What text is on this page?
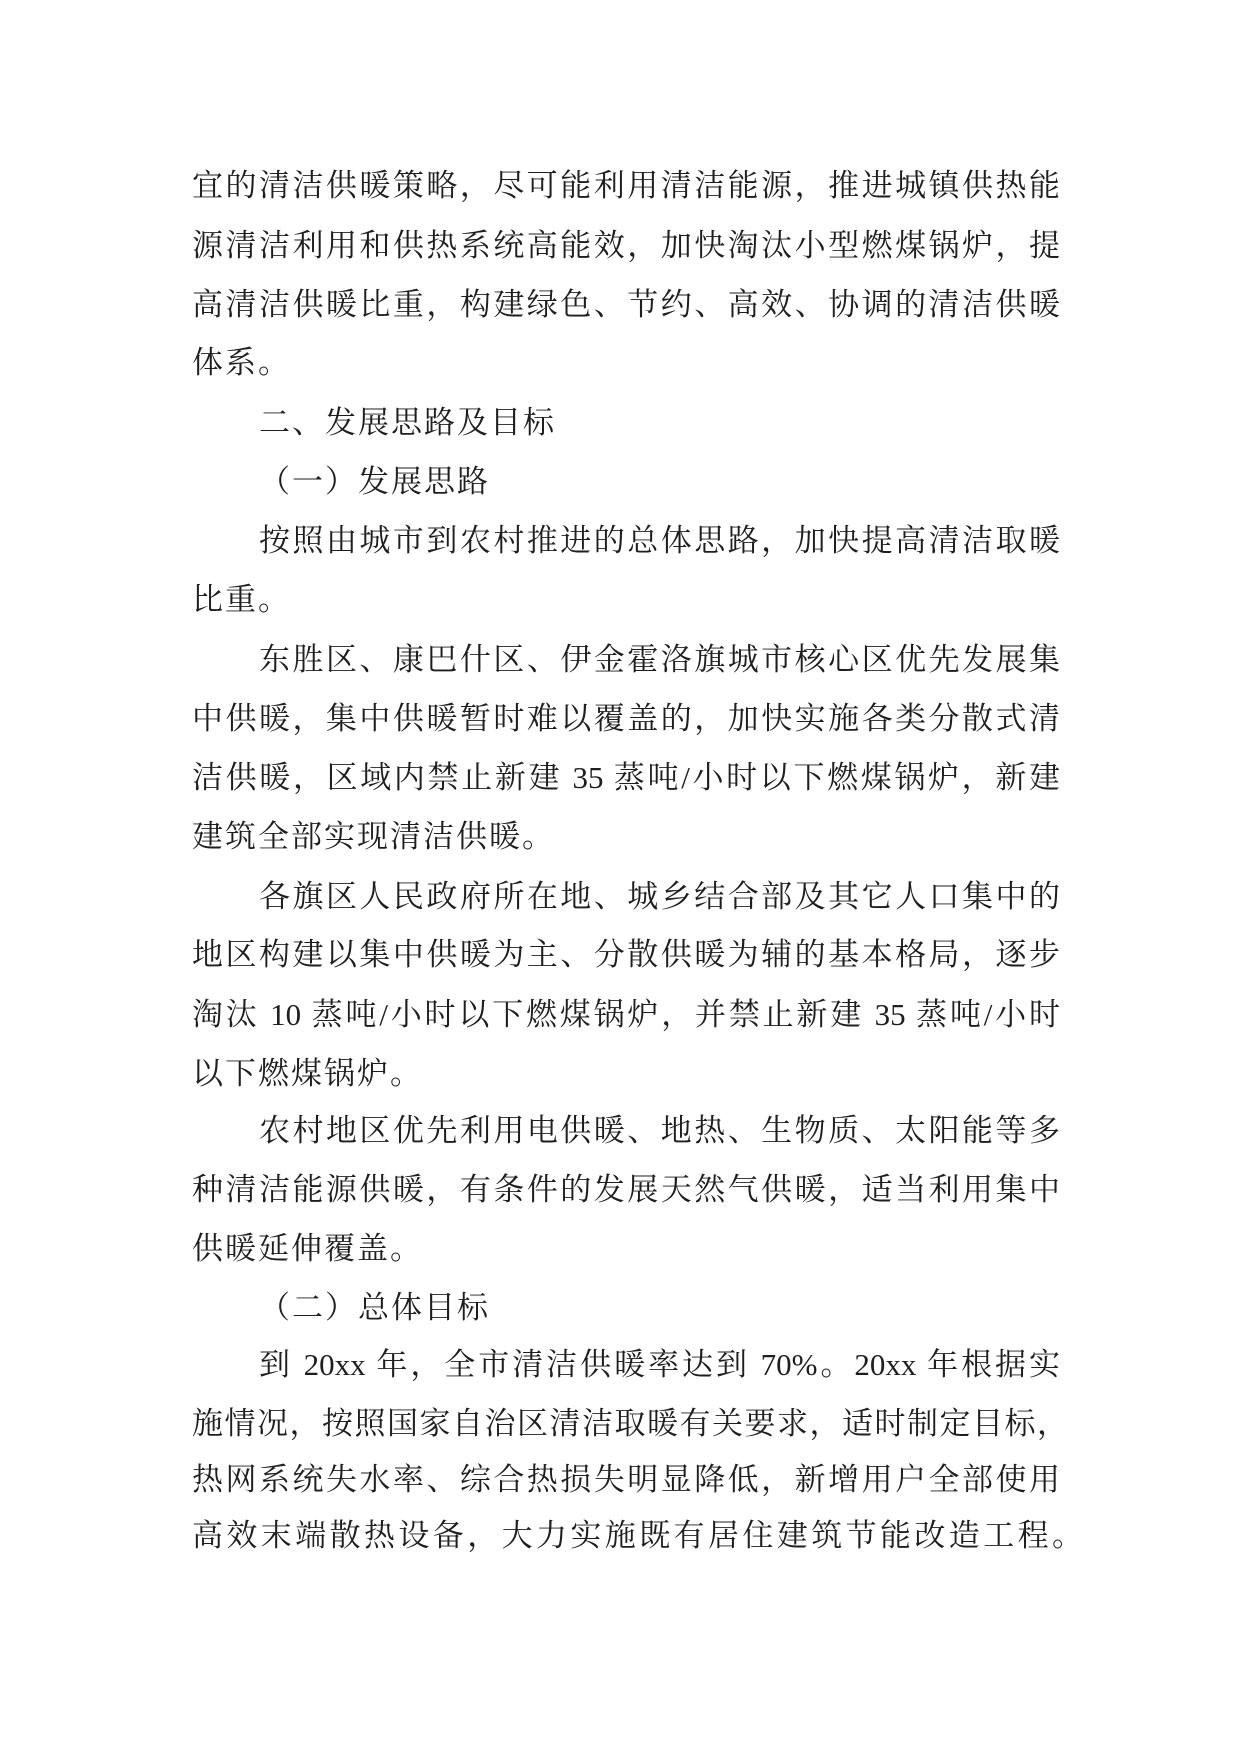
宜的清洁供暖策略，尽可能利用清洁能源，推进城镇供热能
源清洁利用和供热系统高能效，加快淘汰小型燃煤锅炉，提
高清洁供暖比重，构建绿色、节约、高效、协调的清洁供暖
体系。
二、发展思路及目标
（一）发展思路
按照由城市到农村推进的总体思路，加快提高清洁取暖
比重。
东胜区、康巴什区、伊金霍洛旗城市核心区优先发展集
中供暖，集中供暖暂时难以覆盖的，加快实施各类分散式清
洁供暖，区域内禁止新建 35 蒸吨/小时以下燃煤锅炉，新建
建筑全部实现清洁供暖。
各旗区人民政府所在地、城乡结合部及其它人口集中的
地区构建以集中供暖为主、分散供暖为辅的基本格局，逐步
淘汰 10 蒸吨/小时以下燃煤锅炉，并禁止新建 35 蒸吨/小时
以下燃煤锅炉。
农村地区优先利用电供暖、地热、生物质、太阳能等多
种清洁能源供暖，有条件的发展天然气供暖，适当利用集中
供暖延伸覆盖。
（二）总体目标
到 20xx 年，全市清洁供暖率达到 70%。20xx 年根据实
施情况，按照国家自治区清洁取暖有关要求，适时制定目标，
热网系统失水率、综合热损失明显降低，新增用户全部使用
高效末端散热设备，大力实施既有居住建筑节能改造工程。
